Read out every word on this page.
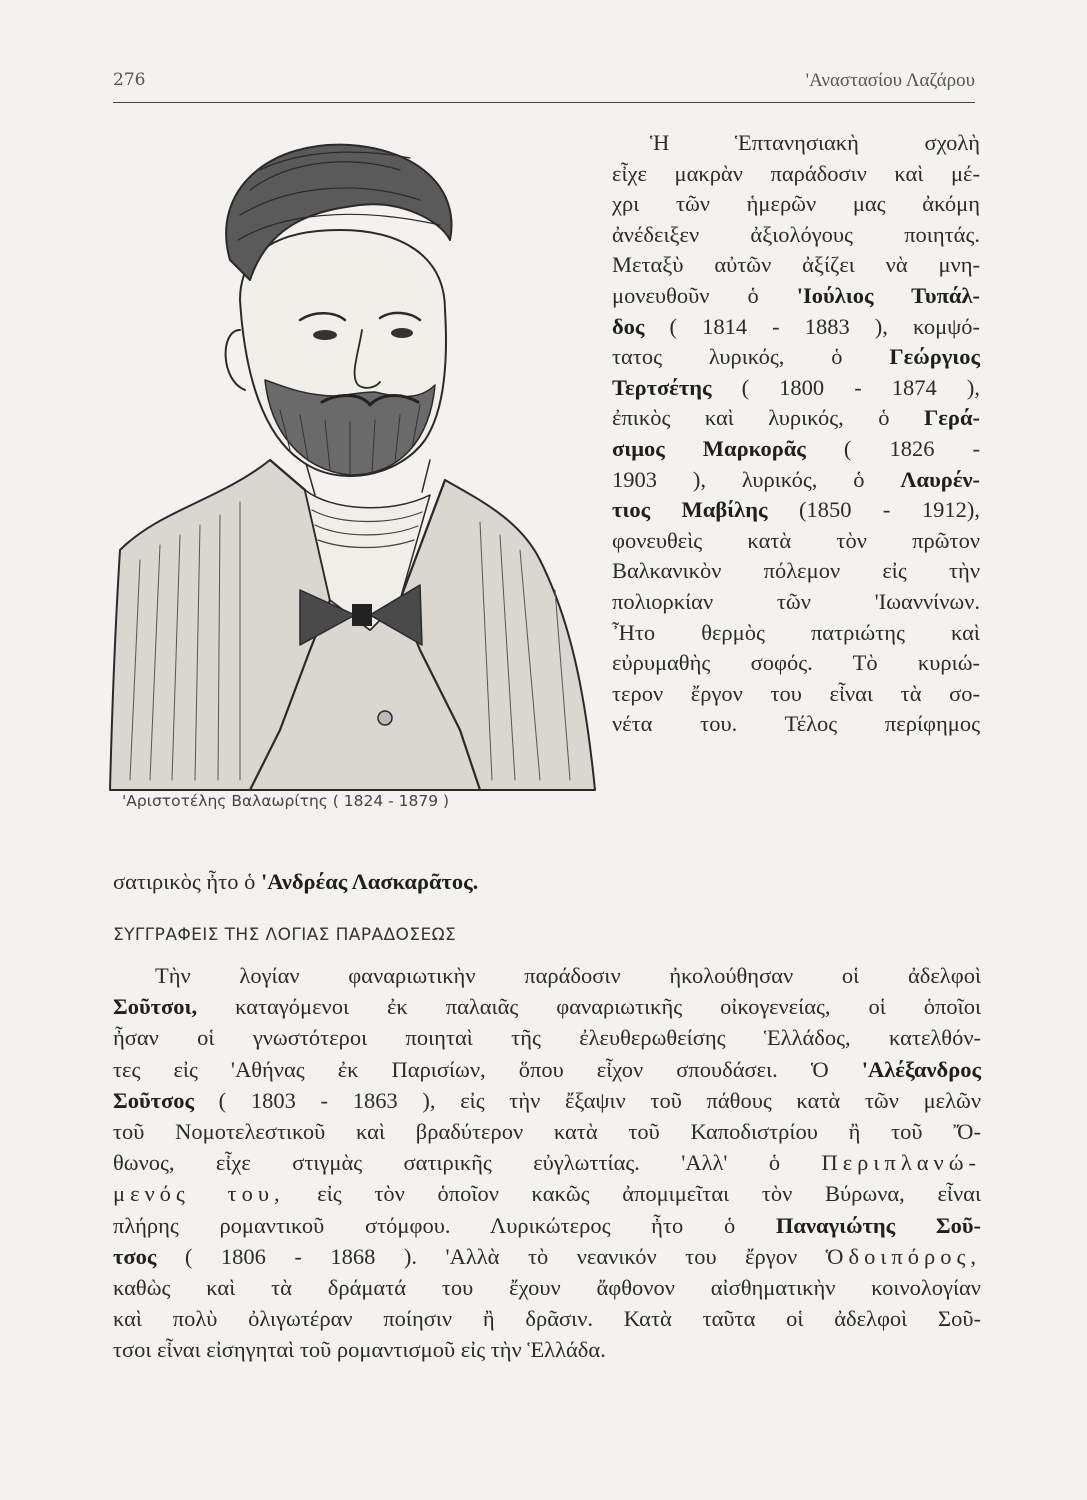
276	'Αναστασίου Λαζάρου
'Αριστοτέλης Βαλαωρίτης ( 1824 - 1879 )
Ἡ Ἑπτανησιακὴ σχολὴ
εἶχε μακρὰν παράδοσιν καὶ μέ-
χρι τῶν ἡμερῶν μας ἀκόμη
ἀνέδειξεν ἀξιολόγους ποιητάς.
Μεταξὺ αὐτῶν ἀξίζει νὰ μνη-
μονευθοῦν ὁ 'Ιούλιος Τυπάλ-
δος ( 1814 - 1883 ), κομψό-
τατος λυρικός, ὁ Γεώργιος
Τερτσέτης ( 1800 - 1874 ),
ἐπικὸς καὶ λυρικός, ὁ Γερά-
σιμος Μαρκορᾶς ( 1826 -
1903 ), λυρικός, ὁ Λαυρέν-
τιος Μαβίλης (1850 - 1912),
φονευθεὶς κατὰ τὸν πρῶτον
Βαλκανικὸν πόλεμον εἰς τὴν
πολιορκίαν τῶν 'Ιωαννίνων.
Ἦτο θερμὸς πατριώτης καὶ
εὐρυμαθὴς σοφός. Τὸ κυριώ-
τερον ἔργον του εἶναι τὰ σο-
νέτα του. Τέλος περίφημος
σατιρικὸς ἦτο ὁ 'Ανδρέας Λασκαρᾶτος.
ΣΥΓΓΡΑΦΕΙΣ ΤΗΣ ΛΟΓΙΑΣ ΠΑΡΑΔΟΣΕΩΣ
Τὴν λογίαν φαναριωτικὴν παράδοσιν ἠκολούθησαν οἱ ἀδελφοὶ
Σοῦτσοι, καταγόμενοι ἐκ παλαιᾶς φαναριωτικῆς οἰκογενείας, οἱ ὁποῖοι
ἦσαν οἱ γνωστότεροι ποιηταὶ τῆς ἐλευθερωθείσης Ἑλλάδος, κατελθόν-
τες εἰς 'Αθήνας ἐκ Παρισίων, ὅπου εἶχον σπουδάσει. Ὁ 'Αλέξανδρος
Σοῦτσος ( 1803 - 1863 ), εἰς τὴν ἔξαψιν τοῦ πάθους κατὰ τῶν μελῶν
τοῦ Νομοτελεστικοῦ καὶ βραδύτερον κατὰ τοῦ Καποδιστρίου ἢ τοῦ Ὄ-
θωνος, εἶχε στιγμὰς σατιρικῆς εὐγλωττίας. 'Αλλ' ὁ Περιπλανώ-
μενός του, εἰς τὸν ὁποῖον κακῶς ἀπομιμεῖται τὸν Βύρωνα, εἶναι
πλήρης ρομαντικοῦ στόμφου. Λυρικώτερος ἦτο ὁ Παναγιώτης Σοῦ-
τσος ( 1806 - 1868 ). 'Αλλὰ τὸ νεανικόν του ἔργον Ὁδοιπόρος,
καθὼς καὶ τὰ δράματά του ἔχουν ἄφθονον αἰσθηματικὴν κοινολογίαν
καὶ πολὺ ὀλιγωτέραν ποίησιν ἢ δρᾶσιν. Κατὰ ταῦτα οἱ ἀδελφοὶ Σοῦ-
τσοι εἶναι εἰσηγηταὶ τοῦ ρομαντισμοῦ εἰς τὴν Ἑλλάδα.
